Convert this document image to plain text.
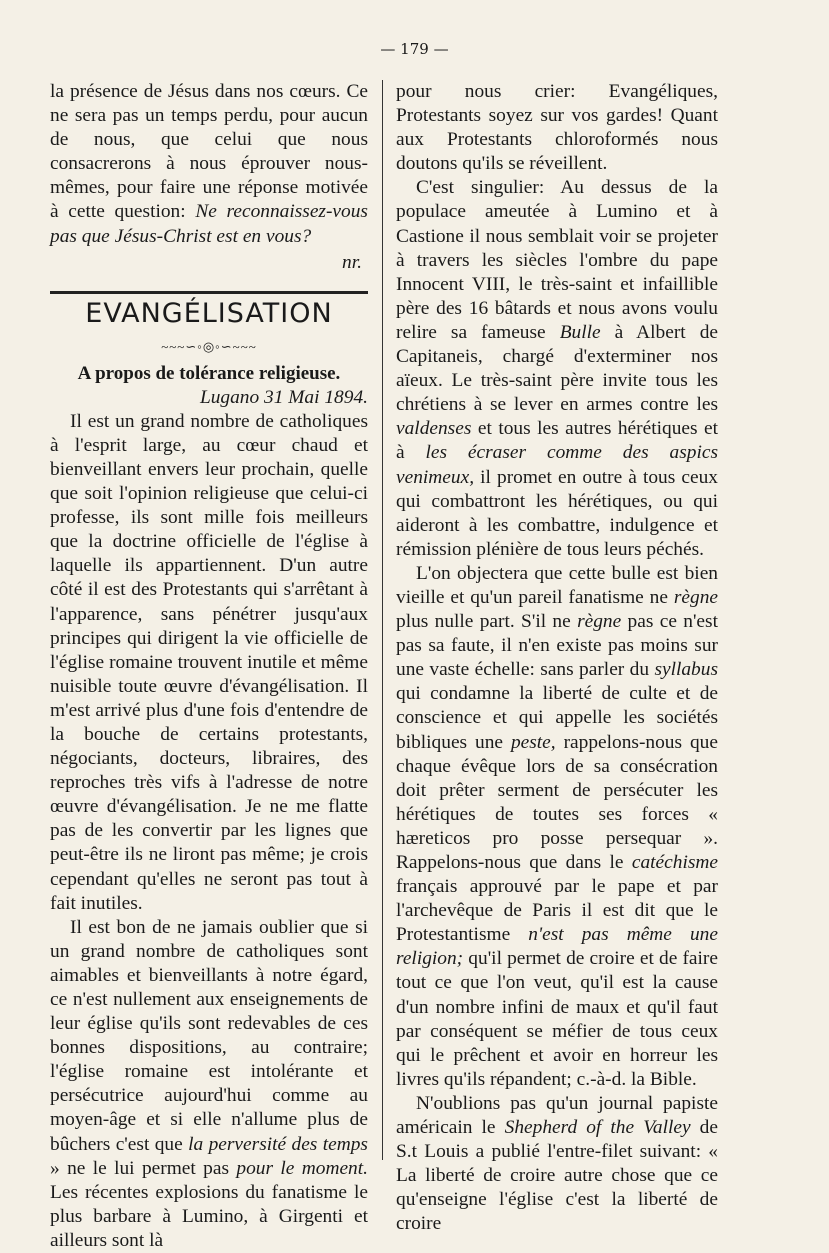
— 179 —

la présence de Jésus dans nos cœurs. Ce ne sera pas un temps perdu, pour aucun de nous, que celui que nous consacrerons à nous éprouver nous-mêmes, pour faire une réponse motivée à cette question: Ne reconnaissez-vous pas que Jésus-Christ est en vous?

nr.

EVANGÉLISATION
~~~∽◦◎◦∽~~~
A propos de tolérance religieuse.
Lugano 31 Mai 1894.

Il est un grand nombre de catholiques à l'esprit large, au cœur chaud et bienveillant envers leur prochain, quelle que soit l'opinion religieuse que celui-ci professe, ils sont mille fois meilleurs que la doctrine officielle de l'église à laquelle ils appartiennent. D'un autre côté il est des Protestants qui s'arrêtant à l'apparence, sans pénétrer jusqu'aux principes qui dirigent la vie officielle de l'église romaine trouvent inutile et même nuisible toute œuvre d'évangélisation. Il m'est arrivé plus d'une fois d'entendre de la bouche de certains protestants, négociants, docteurs, libraires, des reproches très vifs à l'adresse de notre œuvre d'évangélisation. Je ne me flatte pas de les convertir par les lignes que peut-être ils ne liront pas même; je crois cependant qu'elles ne seront pas tout à fait inutiles.

Il est bon de ne jamais oublier que si un grand nombre de catholiques sont aimables et bienveillants à notre égard, ce n'est nullement aux enseignements de leur église qu'ils sont redevables de ces bonnes dispositions, au contraire; l'église romaine est intolérante et persécutrice aujourd'hui comme au moyen-âge et si elle n'allume plus de bûchers c'est que la perversité des temps » ne le lui permet pas pour le moment. Les récentes explosions du fanatisme le plus barbare à Lumino, à Girgenti et ailleurs sont là

pour nous crier: Evangéliques, Protestants soyez sur vos gardes! Quant aux Protestants chloroformés nous doutons qu'ils se réveillent.

C'est singulier: Au dessus de la populace ameutée à Lumino et à Castione il nous semblait voir se projeter à travers les siècles l'ombre du pape Innocent VIII, le très-saint et infaillible père des 16 bâtards et nous avons voulu relire sa fameuse Bulle à Albert de Capitaneis, chargé d'exterminer nos aïeux. Le très-saint père invite tous les chrétiens à se lever en armes contre les valdenses et tous les autres hérétiques et à les écraser comme des aspics venimeux, il promet en outre à tous ceux qui combattront les hérétiques, ou qui aideront à les combattre, indulgence et rémission plénière de tous leurs péchés.

L'on objectera que cette bulle est bien vieille et qu'un pareil fanatisme ne règne plus nulle part. S'il ne règne pas ce n'est pas sa faute, il n'en existe pas moins sur une vaste échelle: sans parler du syllabus qui condamne la liberté de culte et de conscience et qui appelle les sociétés bibliques une peste, rappelons-nous que chaque évêque lors de sa consécration doit prêter serment de persécuter les hérétiques de toutes ses forces « hæreticos pro posse persequar ». Rappelons-nous que dans le catéchisme français approuvé par le pape et par l'archevêque de Paris il est dit que le Protestantisme n'est pas même une religion; qu'il permet de croire et de faire tout ce que l'on veut, qu'il est la cause d'un nombre infini de maux et qu'il faut par conséquent se méfier de tous ceux qui le prêchent et avoir en horreur les livres qu'ils répandent; c.-à-d. la Bible.

N'oublions pas qu'un journal papiste américain le Shepherd of the Valley de S.t Louis a publié l'entre-filet suivant: « La liberté de croire autre chose que ce qu'enseigne l'église c'est la liberté de croire
